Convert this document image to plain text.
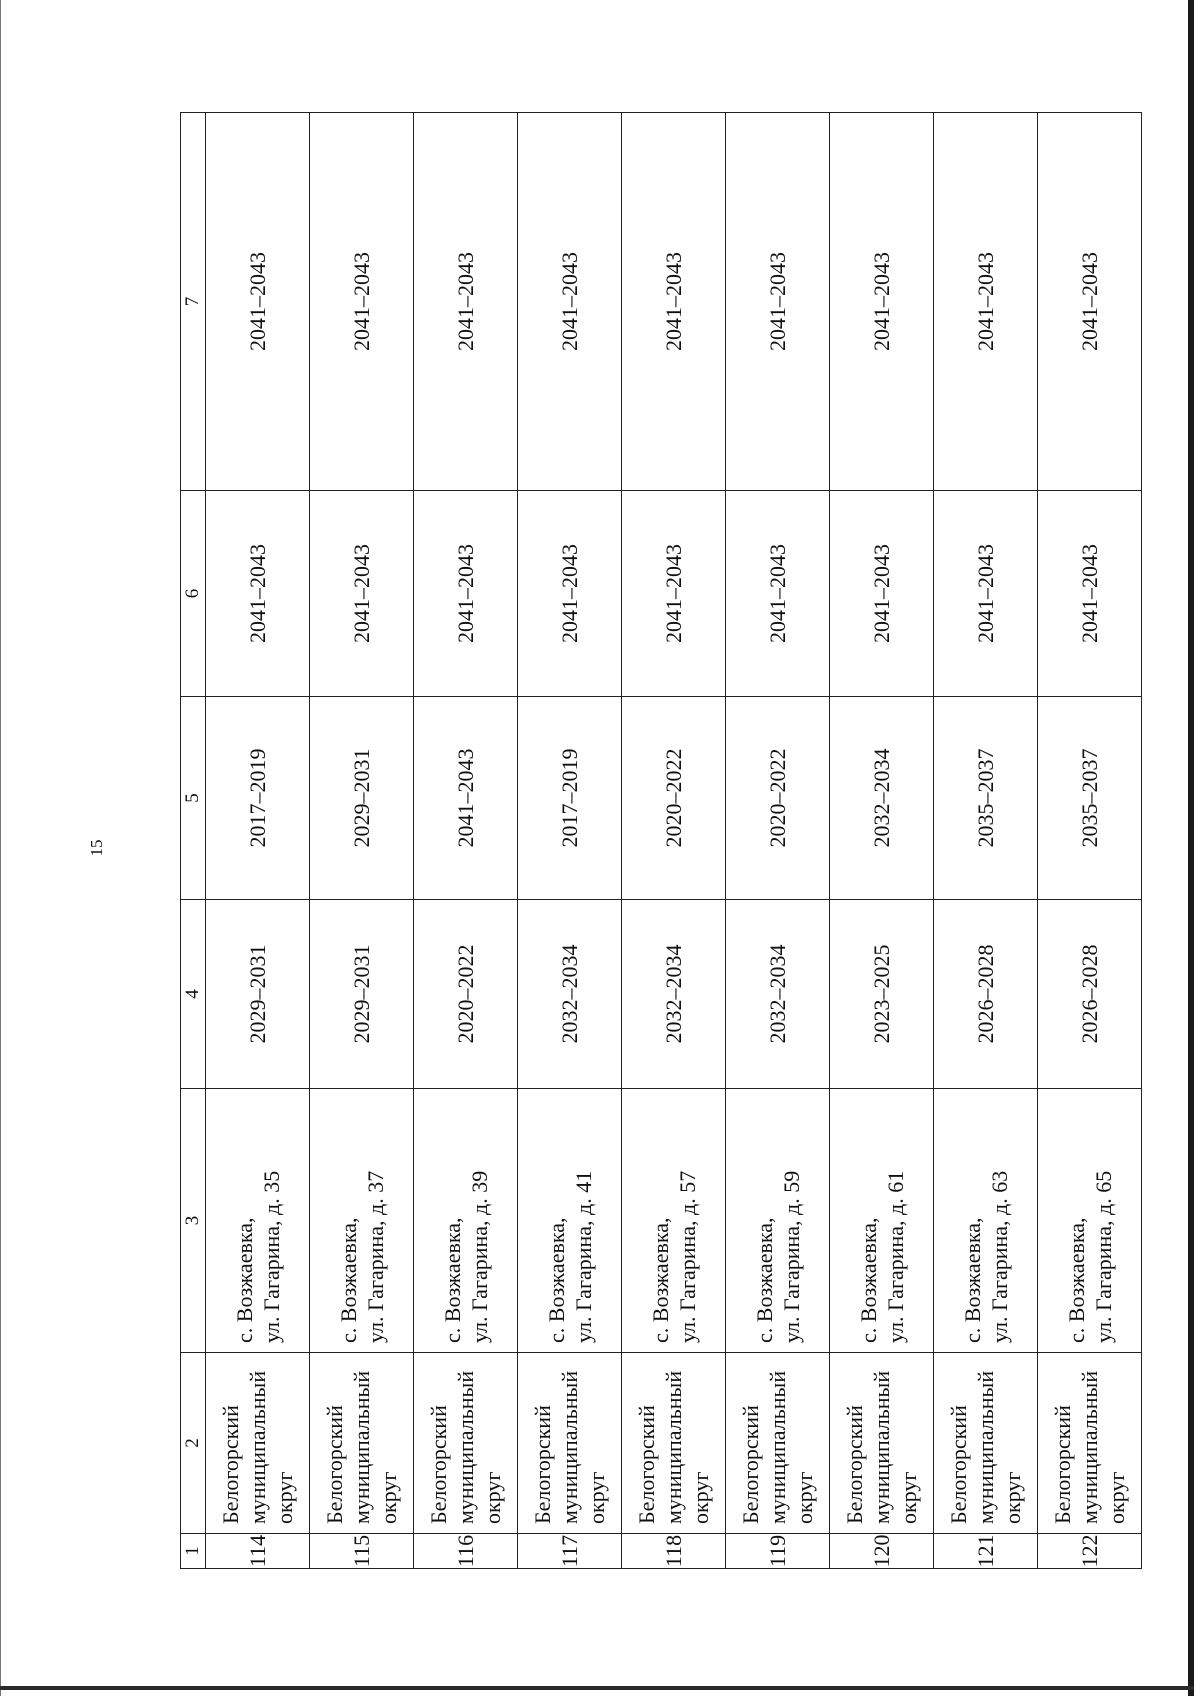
15
1	2	3	4	5	6	7
114	Белогорский муниципальный округ	с. Возжаевка, ул. Гагарина, д. 35	2029–2031	2017–2019	2041–2043	2041–2043
115	Белогорский муниципальный округ	с. Возжаевка, ул. Гагарина, д. 37	2029–2031	2029–2031	2041–2043	2041–2043
116	Белогорский муниципальный округ	с. Возжаевка, ул. Гагарина, д. 39	2020–2022	2041–2043	2041–2043	2041–2043
117	Белогорский муниципальный округ	с. Возжаевка, ул. Гагарина, д. 41	2032–2034	2017–2019	2041–2043	2041–2043
118	Белогорский муниципальный округ	с. Возжаевка, ул. Гагарина, д. 57	2032–2034	2020–2022	2041–2043	2041–2043
119	Белогорский муниципальный округ	с. Возжаевка, ул. Гагарина, д. 59	2032–2034	2020–2022	2041–2043	2041–2043
120	Белогорский муниципальный округ	с. Возжаевка, ул. Гагарина, д. 61	2023–2025	2032–2034	2041–2043	2041–2043
121	Белогорский муниципальный округ	с. Возжаевка, ул. Гагарина, д. 63	2026–2028	2035–2037	2041–2043	2041–2043
122	Белогорский муниципальный округ	с. Возжаевка, ул. Гагарина, д. 65	2026–2028	2035–2037	2041–2043	2041–2043
